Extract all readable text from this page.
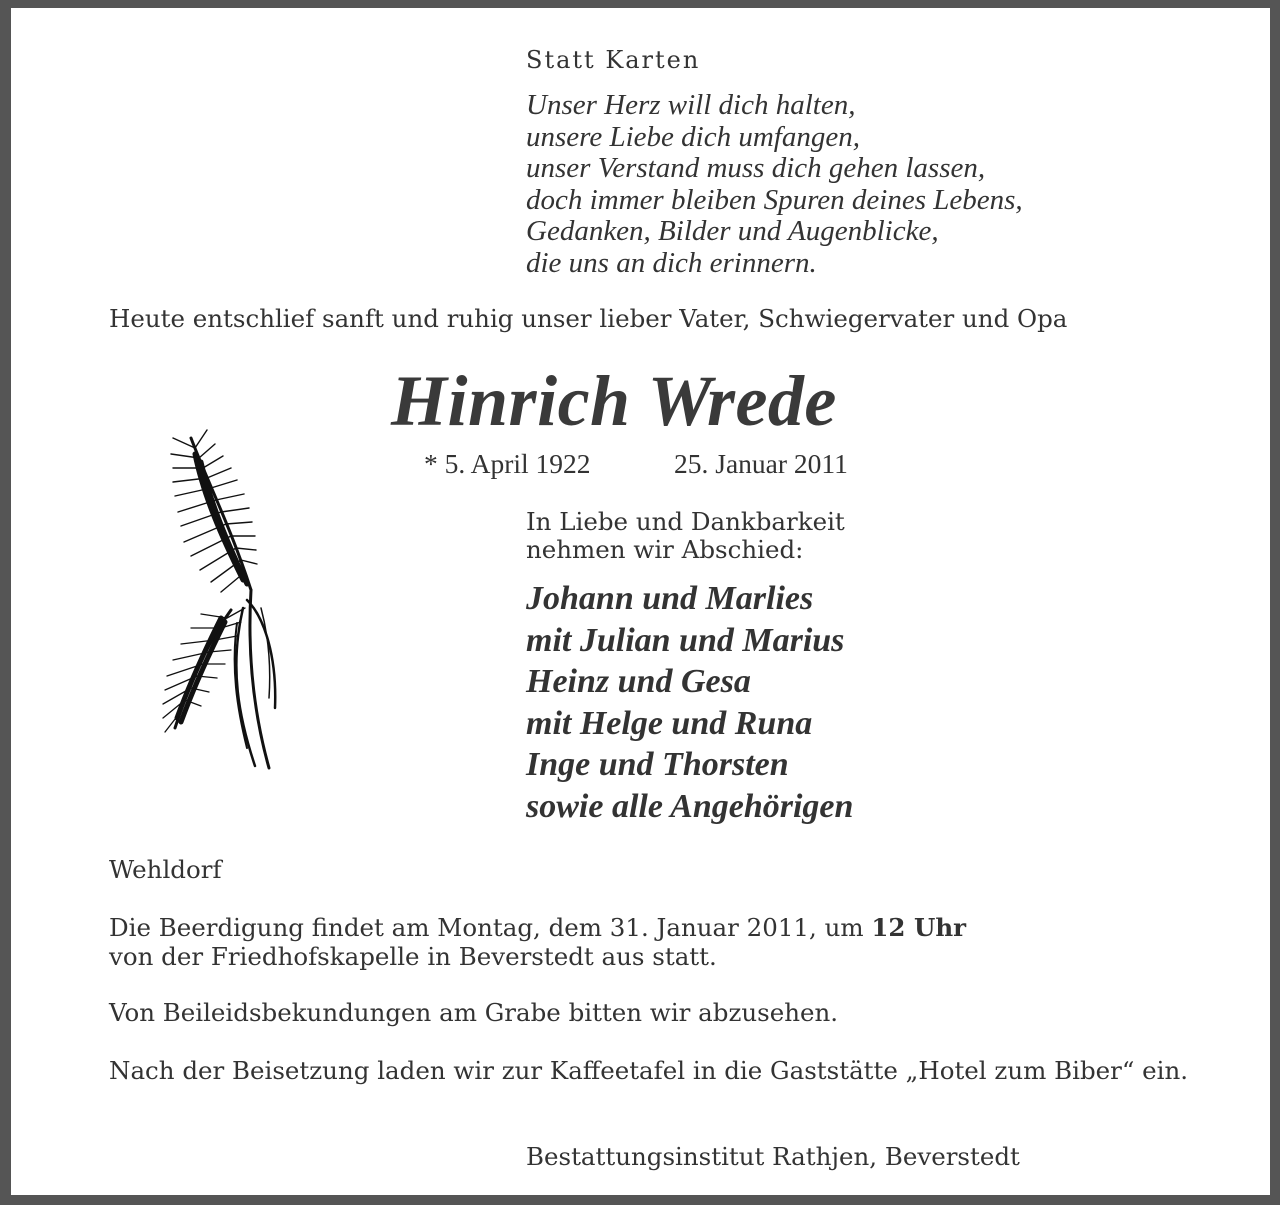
Statt Karten
Unser Herz will dich halten,
unsere Liebe dich umfangen,
unser Verstand muss dich gehen lassen,
doch immer bleiben Spuren deines Lebens,
Gedanken, Bilder und Augenblicke,
die uns an dich erinnern.
Heute entschlief sanft und ruhig unser lieber Vater, Schwiegervater und Opa
Hinrich Wrede
* 5. April 1922	25. Januar 2011
In Liebe und Dankbarkeit
nehmen wir Abschied:
Johann und Marlies
mit Julian und Marius
Heinz und Gesa
mit Helge und Runa
Inge und Thorsten
sowie alle Angehörigen
Wehldorf
Die Beerdigung findet am Montag, dem 31. Januar 2011, um 12 Uhr
von der Friedhofskapelle in Beverstedt aus statt.
Von Beileidsbekundungen am Grabe bitten wir abzusehen.
Nach der Beisetzung laden wir zur Kaffeetafel in die Gaststätte „Hotel zum Biber“ ein.
Bestattungsinstitut Rathjen, Beverstedt
